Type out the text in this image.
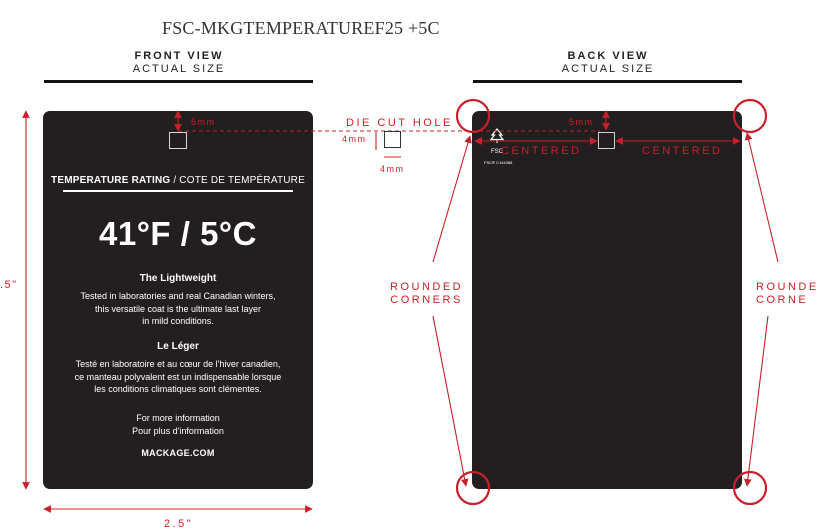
FSC-MKGTEMPERATUREF25 +5C
FRONT VIEW
ACTUAL SIZE
BACK VIEW
ACTUAL SIZE
TEMPERATURE RATING / COTE DE TEMPÉRATURE
41°F / 5°C
The Lightweight
Tested in laboratories and real Canadian winters,
this versatile coat is the ultimate last layer
in mild conditions.
Le Léger
Testé en laboratoire et au cœur de l'hiver canadien,
ce manteau polyvalent est un indispensable lorsque
les conditions climatiques sont clémentes.
For more information
Pour plus d'information
MACKAGE.COM
FSC
FSC® C144388
5mm	DIE CUT HOLE
4mm
4mm
5mm
CENTERED	CENTERED
ROUNDED
CORNERS
ROUNDE
CORNE
.5"
2.5"
